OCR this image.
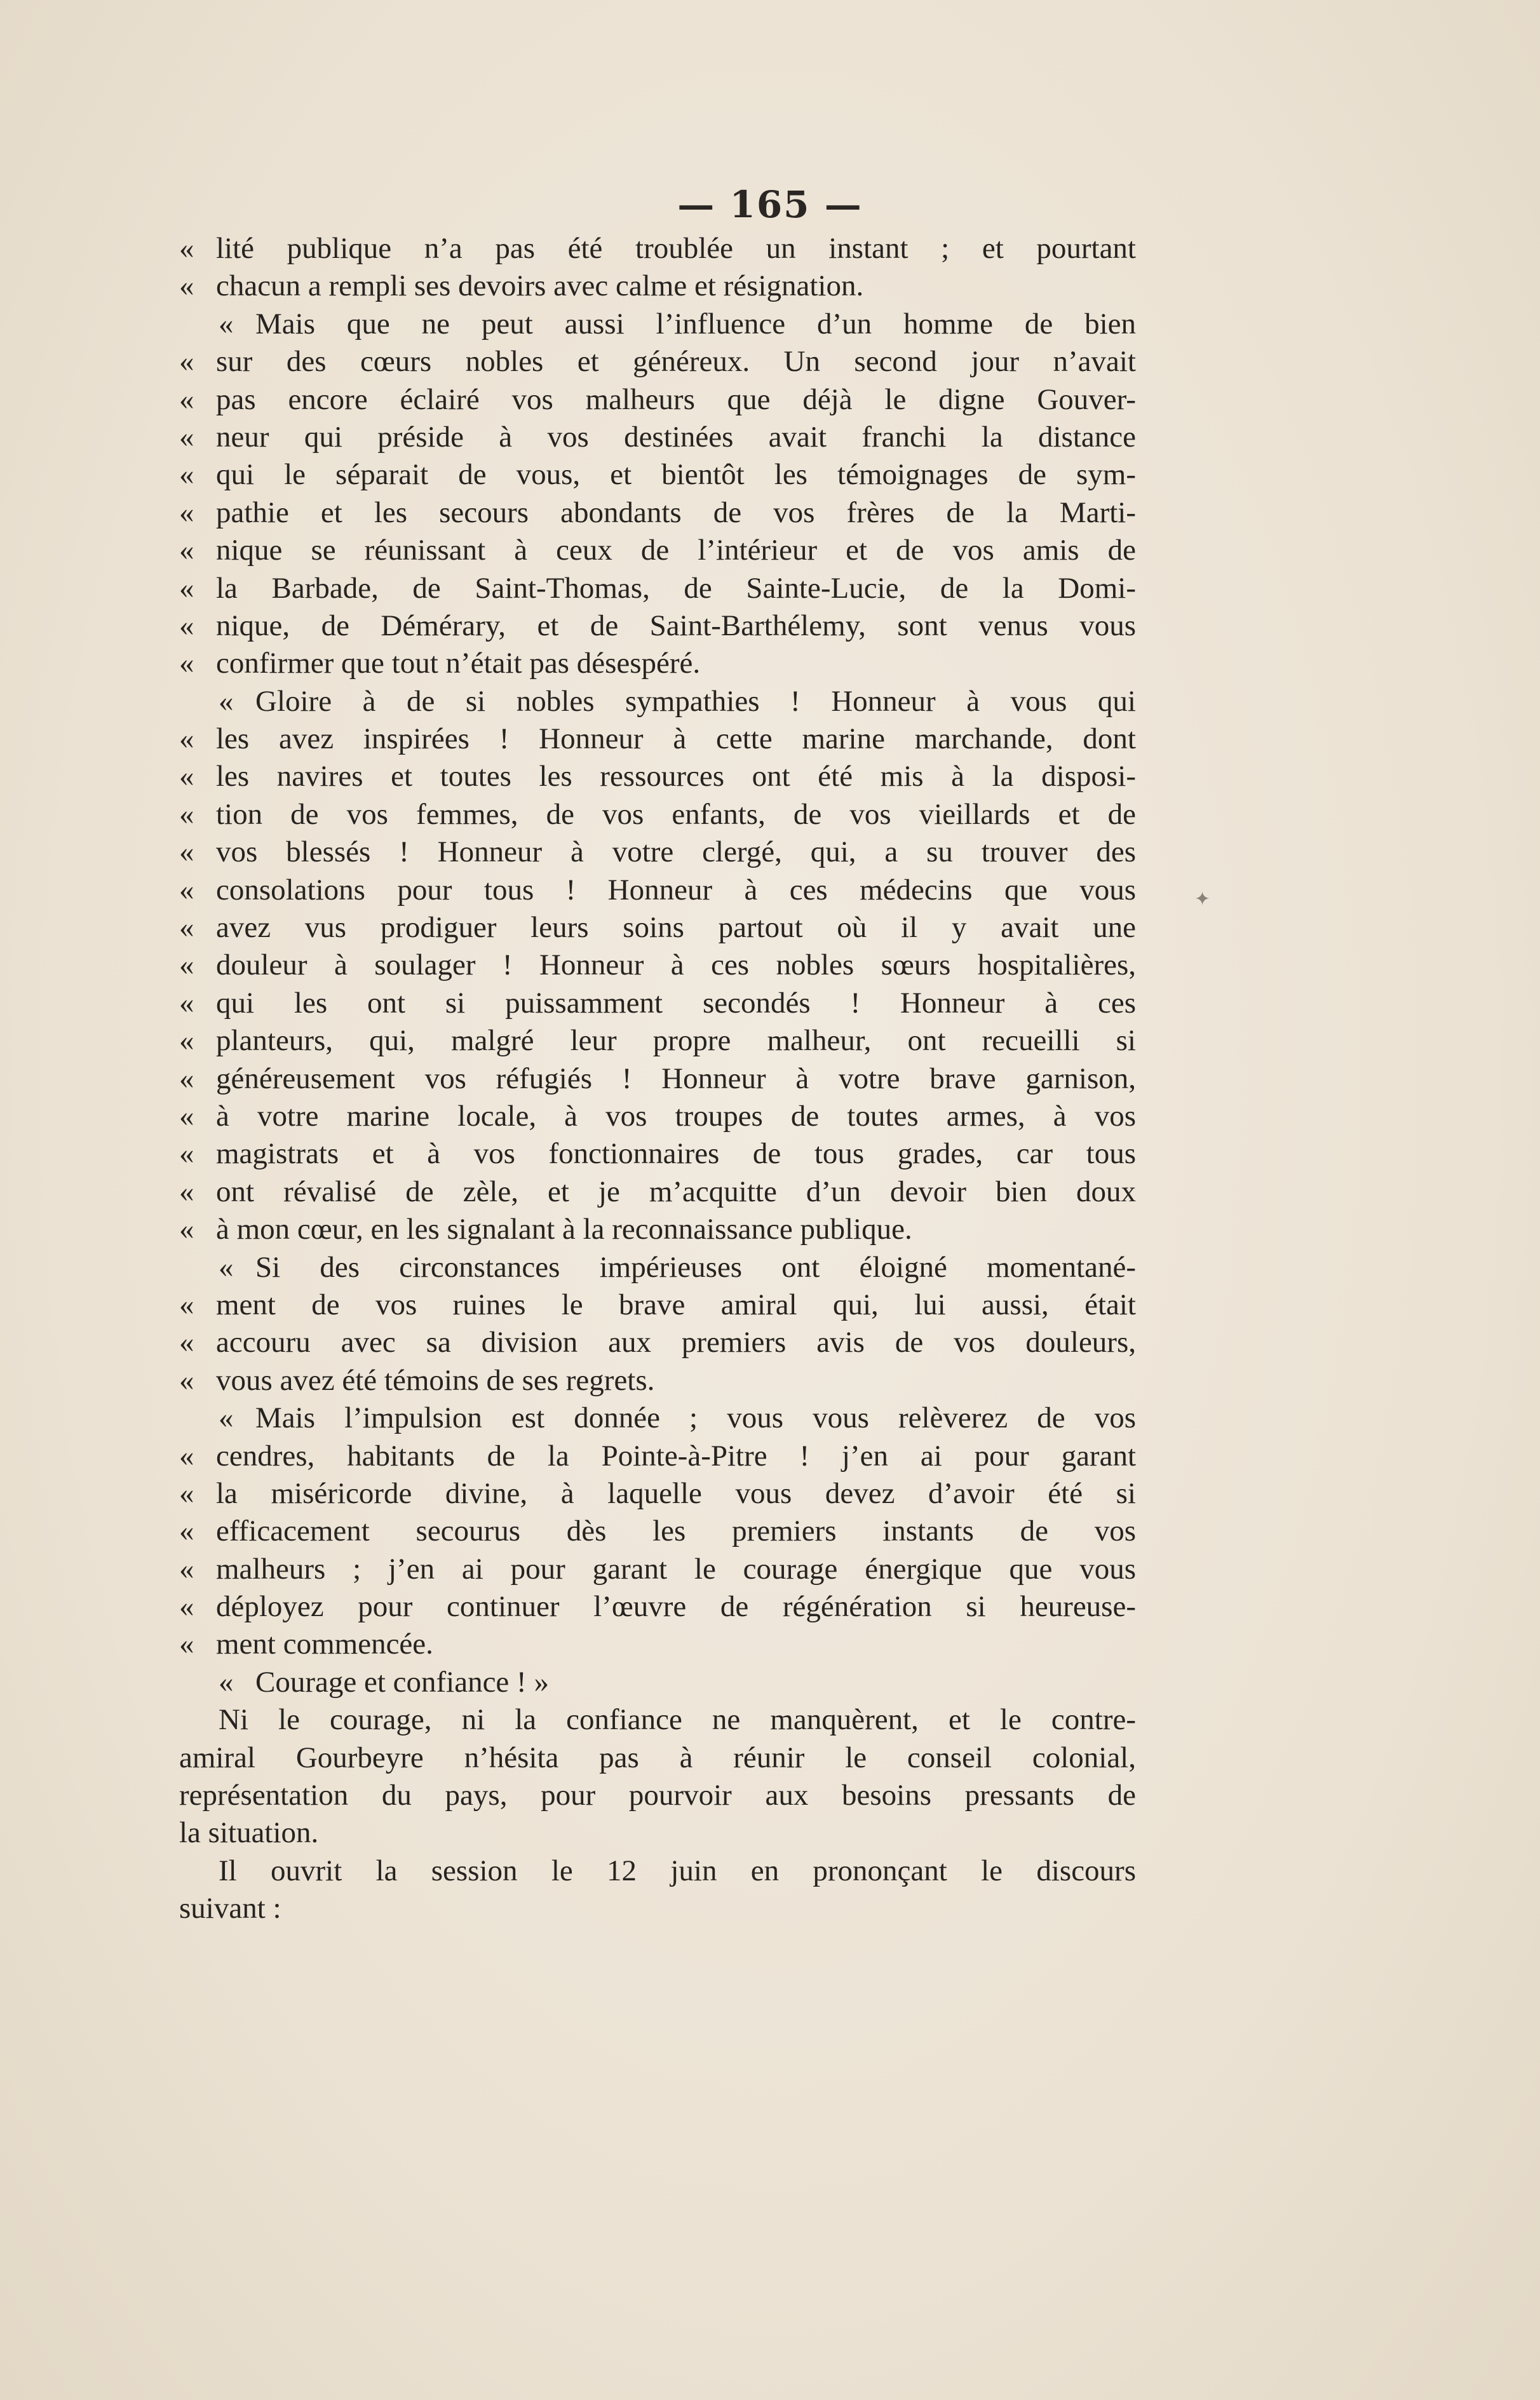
— 165 —
« lité publique n’a pas été troublée un instant ; et pourtant
« chacun a rempli ses devoirs avec calme et résignation.
« Mais que ne peut aussi l’influence d’un homme de bien
« sur des cœurs nobles et généreux. Un second jour n’avait
« pas encore éclairé vos malheurs que déjà le digne Gouver-
« neur qui préside à vos destinées avait franchi la distance
« qui le séparait de vous, et bientôt les témoignages de sym-
« pathie et les secours abondants de vos frères de la Marti-
« nique se réunissant à ceux de l’intérieur et de vos amis de
« la Barbade, de Saint-Thomas, de Sainte-Lucie, de la Domi-
« nique, de Démérary, et de Saint-Barthélemy, sont venus vous
« confirmer que tout n’était pas désespéré.
« Gloire à de si nobles sympathies ! Honneur à vous qui
« les avez inspirées ! Honneur à cette marine marchande, dont
« les navires et toutes les ressources ont été mis à la disposi-
« tion de vos femmes, de vos enfants, de vos vieillards et de
« vos blessés ! Honneur à votre clergé, qui, a su trouver des
« consolations pour tous ! Honneur à ces médecins que vous
« avez vus prodiguer leurs soins partout où il y avait une
« douleur à soulager ! Honneur à ces nobles sœurs hospitalières,
« qui les ont si puissamment secondés ! Honneur à ces
« planteurs, qui, malgré leur propre malheur, ont recueilli si
« généreusement vos réfugiés ! Honneur à votre brave garnison,
« à votre marine locale, à vos troupes de toutes armes, à vos
« magistrats et à vos fonctionnaires de tous grades, car tous
« ont révalisé de zèle, et je m’acquitte d’un devoir bien doux
« à mon cœur, en les signalant à la reconnaissance publique.
« Si des circonstances impérieuses ont éloigné momentané-
« ment de vos ruines le brave amiral qui, lui aussi, était
« accouru avec sa division aux premiers avis de vos douleurs,
« vous avez été témoins de ses regrets.
« Mais l’impulsion est donnée ; vous vous relèverez de vos
« cendres, habitants de la Pointe-à-Pitre ! j’en ai pour garant
« la miséricorde divine, à laquelle vous devez d’avoir été si
« efficacement secourus dès les premiers instants de vos
« malheurs ; j’en ai pour garant le courage énergique que vous
« déployez pour continuer l’œuvre de régénération si heureuse-
« ment commencée.
« Courage et confiance ! »
Ni le courage, ni la confiance ne manquèrent, et le contre-
amiral Gourbeyre n’hésita pas à réunir le conseil colonial,
représentation du pays, pour pourvoir aux besoins pressants de
la situation.
Il ouvrit la session le 12 juin en prononçant le discours
suivant :
✦
